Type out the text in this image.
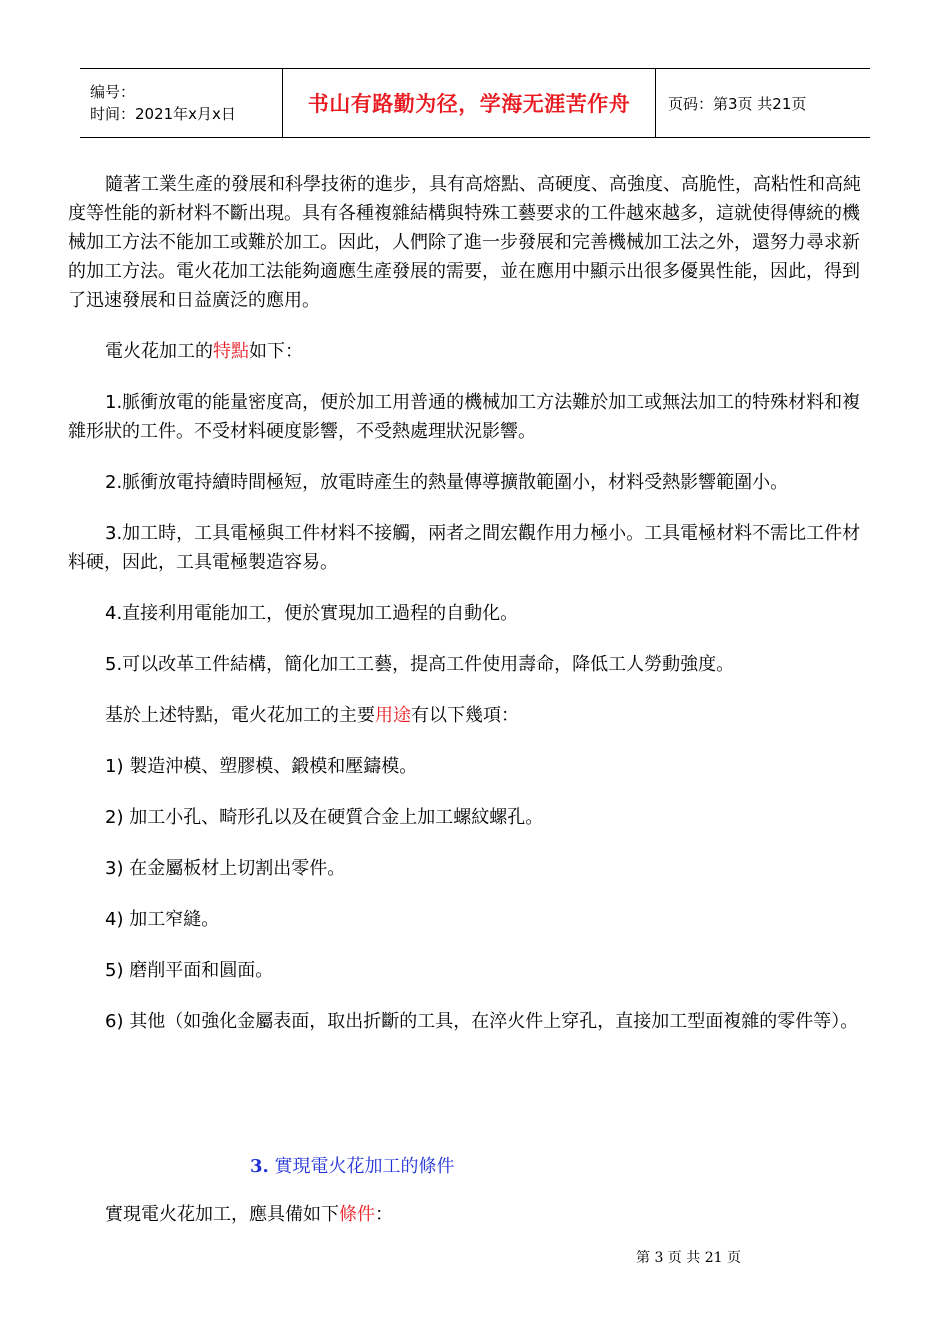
编号：
时间：2021年x月x日	书山有路勤为径，学海无涯苦作舟	页码：第3页 共21页

隨著工業生產的發展和科學技術的進步，具有高熔點、高硬度、高強度、高脆性，高粘性和高純度等性能的新材料不斷出現。具有各種複雜結構與特殊工藝要求的工件越來越多，這就使得傳統的機械加工方法不能加工或難於加工。因此，人們除了進一步發展和完善機械加工法之外，還努力尋求新的加工方法。電火花加工法能夠適應生產發展的需要，並在應用中顯示出很多優異性能，因此，得到了迅速發展和日益廣泛的應用。

電火花加工的特點如下：

1.脈衝放電的能量密度高，便於加工用普通的機械加工方法難於加工或無法加工的特殊材料和複雜形狀的工件。不受材料硬度影響，不受熱處理狀況影響。

2.脈衝放電持續時間極短，放電時產生的熱量傳導擴散範圍小，材料受熱影響範圍小。

3.加工時，工具電極與工件材料不接觸，兩者之間宏觀作用力極小。工具電極材料不需比工件材料硬，因此，工具電極製造容易。

4.直接利用電能加工，便於實現加工過程的自動化。

5.可以改革工件結構，簡化加工工藝，提高工件使用壽命，降低工人勞動強度。

基於上述特點，電火花加工的主要用途有以下幾項：

1) 製造沖模、塑膠模、鍛模和壓鑄模。

2) 加工小孔、畸形孔以及在硬質合金上加工螺紋螺孔。

3) 在金屬板材上切割出零件。

4) 加工窄縫。

5) 磨削平面和圓面。

6) 其他（如強化金屬表面，取出折斷的工具，在淬火件上穿孔，直接加工型面複雜的零件等）。

3. 實現電火花加工的條件

實現電火花加工，應具備如下條件：

第 3 页 共 21 页
